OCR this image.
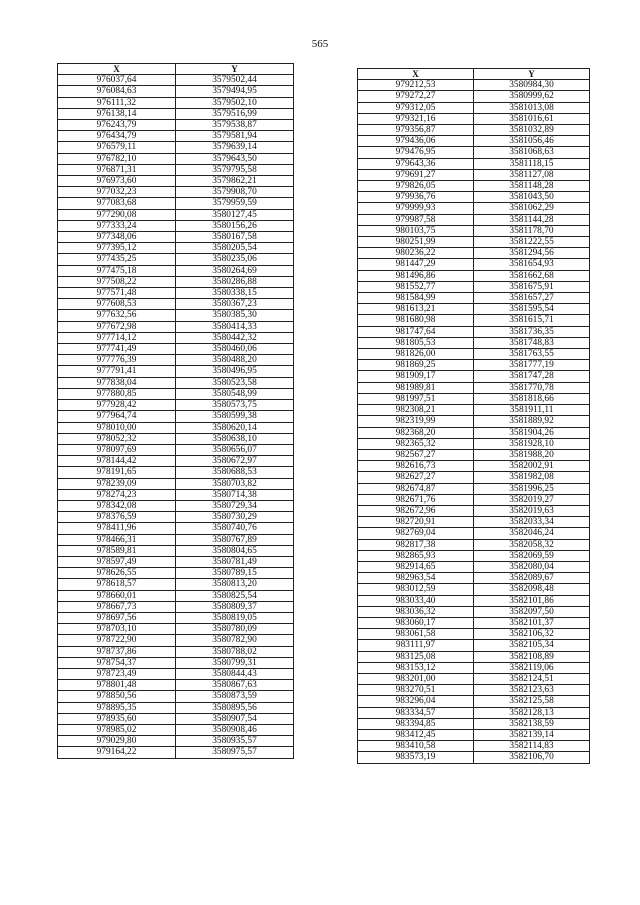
565
X	Y
976037,64	3579502,44
976084,63	3579494,95
976111,32	3579502,10
976138,14	3579516,99
976243,79	3579538,87
976434,79	3579581,94
976579,11	3579639,14
976782,10	3579643,50
976871,31	3579795,58
976973,60	3579862,21
977032,23	3579908,70
977083,68	3579959,59
977290,08	3580127,45
977333,24	3580156,26
977348,06	3580167,58
977395,12	3580205,54
977435,25	3580235,06
977475,18	3580264,69
977508,22	3580286,88
977571,48	3580338,15
977608,53	3580367,23
977632,56	3580385,30
977672,98	3580414,33
977714,12	3580442,32
977741,49	3580460,06
977776,39	3580488,20
977791,41	3580496,95
977838,04	3580523,58
977880,85	3580548,99
977928,42	3580573,75
977964,74	3580599,38
978010,00	3580620,14
978052,32	3580638,10
978097,69	3580656,07
978144,42	3580672,97
978191,65	3580688,53
978239,09	3580703,82
978274,23	3580714,38
978342,08	3580729,34
978376,59	3580730,29
978411,96	3580740,76
978466,31	3580767,89
978589,81	3580804,65
978597,49	3580781,49
978626,55	3580789,15
978618,57	3580813,20
978660,01	3580825,54
978667,73	3580809,37
978697,56	3580819,05
978703,10	3580780,09
978722,90	3580782,90
978737,86	3580788,02
978754,37	3580799,31
978723,49	3580844,43
978801,48	3580867,63
978850,56	3580873,59
978895,35	3580895,56
978935,60	3580907,54
978985,02	3580908,46
979029,80	3580935,57
979164,22	3580975,57
X	Y
979212,53	3580984,30
979272,27	3580999,62
979312,05	3581013,08
979321,16	3581016,61
979356,87	3581032,89
979436,06	3581056,46
979476,95	3581068,63
979643,36	3581118,15
979691,27	3581127,08
979826,05	3581148,28
979936,76	3581043,50
979999,93	3581062,29
979987,58	3581144,28
980103,75	3581178,70
980251,99	3581222,55
980236,22	3581294,56
981447,29	3581654,93
981496,86	3581662,68
981552,77	3581675,91
981584,99	3581657,27
981613,21	3581595,54
981680,98	3581615,71
981747,64	3581736,35
981805,53	3581748,83
981826,00	3581763,55
981869,25	3581777,19
981909,17	3581747,28
981989,81	3581770,78
981997,51	3581818,66
982308,21	3581911,11
982319,99	3581889,92
982368,20	3581904,26
982365,32	3581928,10
982567,27	3581988,20
982616,73	3582002,91
982627,27	3581982,08
982674,87	3581996,25
982671,76	3582019,27
982672,96	3582019,63
982720,91	3582033,34
982769,04	3582046,24
982817,38	3582058,32
982865,93	3582069,59
982914,65	3582080,04
982963,54	3582089,67
983012,59	3582098,48
983033,40	3582101,86
983036,32	3582097,50
983060,17	3582101,37
983061,58	3582106,32
983111,97	3582105,34
983125,08	3582108,89
983153,12	3582119,06
983201,00	3582124,51
983270,51	3582123,63
983296,04	3582125,58
983334,57	3582128,13
983394,85	3582138,59
983412,45	3582139,14
983410,58	3582114,83
983573,19	3582106,70
